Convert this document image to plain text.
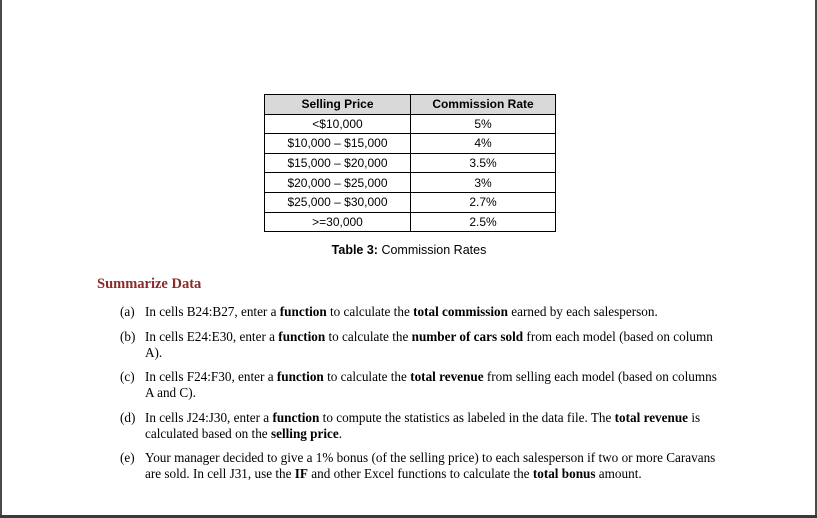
Selling Price	Commission Rate
<$10,000	5%
$10,000 – $15,000	4%
$15,000 – $20,000	3.5%
$20,000 – $25,000	3%
$25,000 – $30,000	2.7%
>=30,000	2.5%
Table 3: Commission Rates
Summarize Data
(a) In cells B24:B27, enter a function to calculate the total commission earned by each salesperson.
(b) In cells E24:E30, enter a function to calculate the number of cars sold from each model (based on column A).
(c) In cells F24:F30, enter a function to calculate the total revenue from selling each model (based on columns A and C).
(d) In cells J24:J30, enter a function to compute the statistics as labeled in the data file. The total revenue is calculated based on the selling price.
(e) Your manager decided to give a 1% bonus (of the selling price) to each salesperson if two or more Caravans are sold. In cell J31, use the IF and other Excel functions to calculate the total bonus amount.
